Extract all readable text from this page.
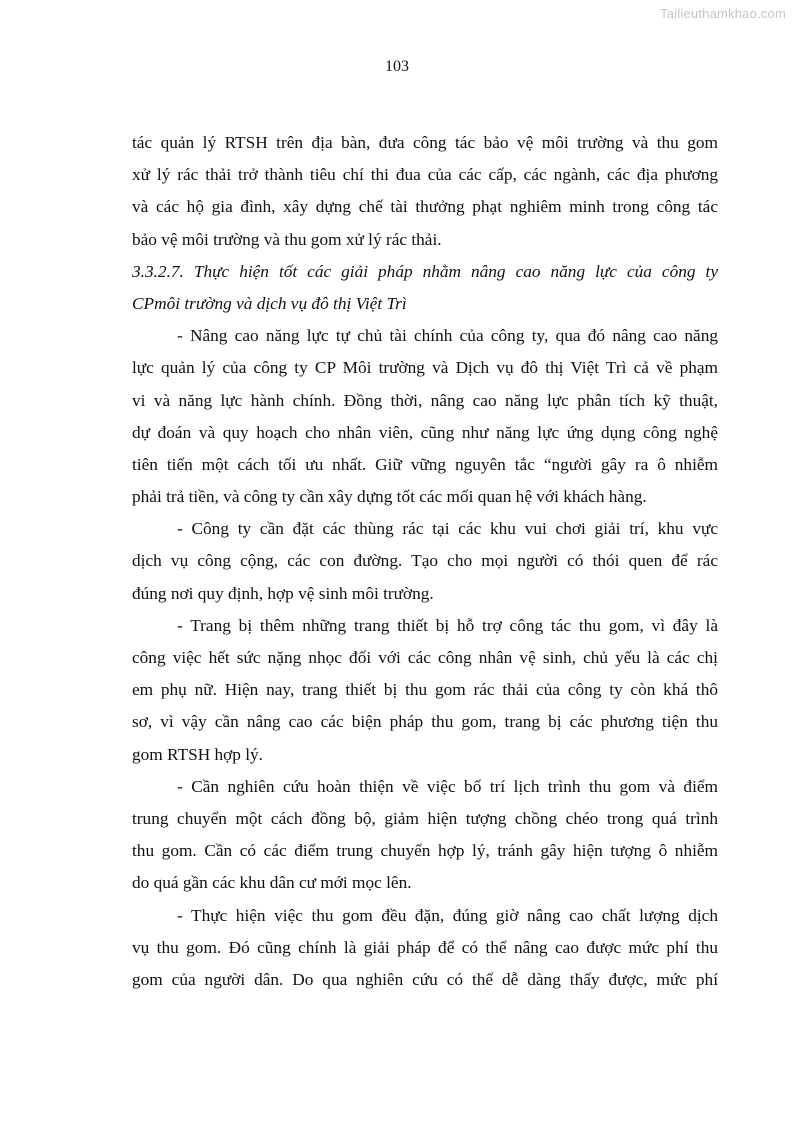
Tailieuthamkhao.com
103
tác quản lý RTSH trên địa bàn, đưa công tác bảo vệ môi trường và thu gom
xử lý rác thải trở thành tiêu chí thi đua của các cấp, các ngành, các địa phương
và các hộ gia đình, xây dựng chế tài thưởng phạt nghiêm minh trong công tác
bảo vệ môi trường và thu gom xử lý rác thải.
3.3.2.7. Thực hiện tốt các giải pháp nhằm nâng cao năng lực của công ty
CPmôi trường và dịch vụ đô thị Việt Trì
- Nâng cao năng lực tự chủ tài chính của công ty, qua đó nâng cao năng
lực quản lý của công ty CP Môi trường và Dịch vụ đô thị Việt Trì cả về phạm
vi và năng lực hành chính. Đồng thời, nâng cao năng lực phân tích kỹ thuật,
dự đoán và quy hoạch cho nhân viên, cũng như năng lực ứng dụng công nghệ
tiên tiến một cách tối ưu nhất. Giữ vững nguyên tắc “người gây ra ô nhiễm
phải trả tiền, và công ty cần xây dựng tốt các mối quan hệ với khách hàng.
- Công ty cần đặt các thùng rác tại các khu vui chơi giải trí, khu vực
dịch vụ công cộng, các con đường. Tạo cho mọi người có thói quen để rác
đúng nơi quy định, hợp vệ sinh môi trường.
- Trang bị thêm những trang thiết bị hỗ trợ công tác thu gom, vì đây là
công việc hết sức nặng nhọc đối với các công nhân vệ sinh, chủ yếu là các chị
em phụ nữ. Hiện nay, trang thiết bị thu gom rác thải của công ty còn khá thô
sơ, vì vậy cần nâng cao các biện pháp thu gom, trang bị các phương tiện thu
gom RTSH hợp lý.
- Cần nghiên cứu hoàn thiện về việc bố trí lịch trình thu gom và điểm
trung chuyển một cách đồng bộ, giảm hiện tượng chồng chéo trong quá trình
thu gom. Cần có các điểm trung chuyển hợp lý, tránh gây hiện tượng ô nhiễm
do quá gần các khu dân cư mới mọc lên.
- Thực hiện việc thu gom đều đặn, đúng giờ nâng cao chất lượng dịch
vụ thu gom. Đó cũng chính là giải pháp để có thể nâng cao được mức phí thu
gom của người dân. Do qua nghiên cứu có thể dễ dàng thấy được, mức phí
